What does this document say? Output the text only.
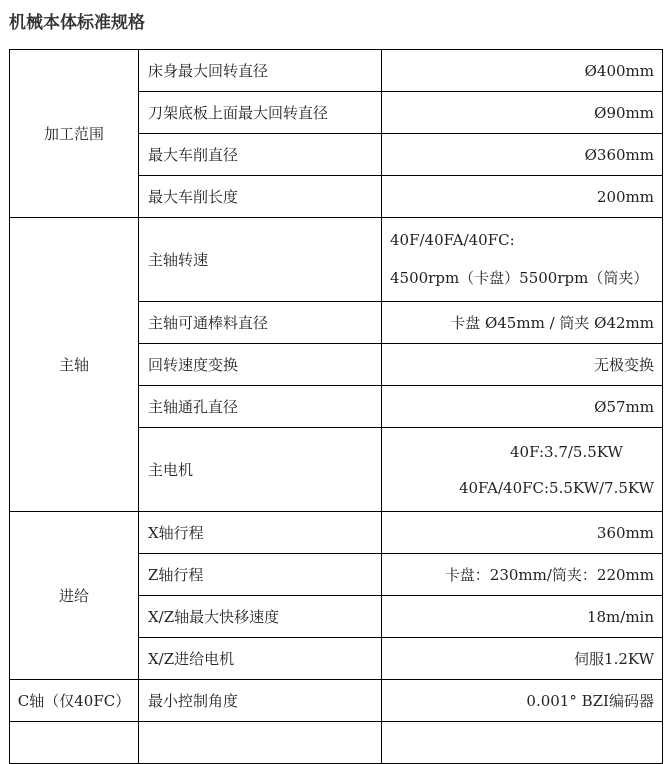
机械本体标准规格
加工范围	床身最大回转直径	Ø400mm
	刀架底板上面最大回转直径	Ø90mm
	最大车削直径	Ø360mm
	最大车削长度	200mm
主轴	主轴转速	40F/40FA/40FC:
4500rpm（卡盘）5500rpm（筒夹）

	主轴可通棒料直径	卡盘 Ø45mm / 筒夹 Ø42mm
	回转速度变换	无极变换
	主轴通孔直径	Ø57mm
	主电机	40F:3.7/5.5KW
40FA/40FC:5.5KW/7.5KW

进给	X轴行程	360mm
	Z轴行程	卡盘：230mm/筒夹：220mm
	X/Z轴最大快移速度	18m/min
	X/Z进给电机	伺服1.2KW
C轴（仅40FC）	最小控制角度	0.001° BZI编码器
